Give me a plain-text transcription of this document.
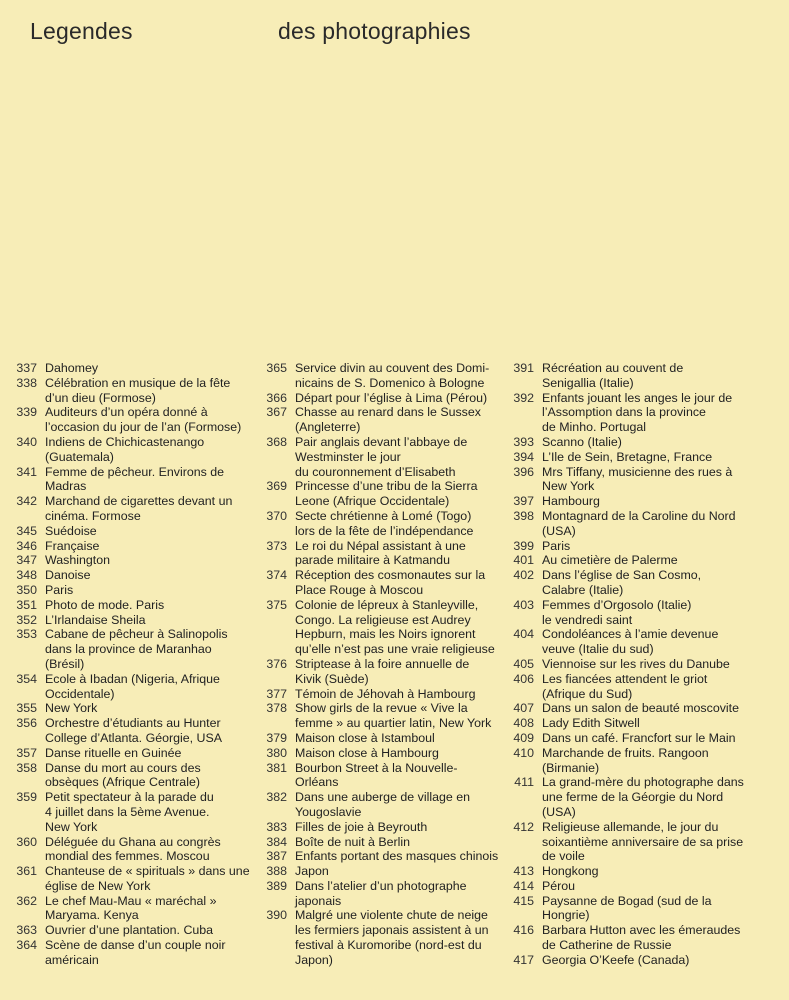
Legendes	des photographies
337 Dahomey
338 Célébration en musique de la fête
d’un dieu (Formose)
339 Auditeurs d’un opéra donné à
l’occasion du jour de l’an (Formose)
340 Indiens de Chichicastenango
(Guatemala)
341 Femme de pêcheur. Environs de
Madras
342 Marchand de cigarettes devant un
cinéma. Formose
345 Suédoise
346 Française
347 Washington
348 Danoise
350 Paris
351 Photo de mode. Paris
352 L’Irlandaise Sheila
353 Cabane de pêcheur à Salinopolis
dans la province de Maranhao
(Brésil)
354 Ecole à Ibadan (Nigeria, Afrique
Occidentale)
355 New York
356 Orchestre d’étudiants au Hunter
College d’Atlanta. Géorgie, USA
357 Danse rituelle en Guinée
358 Danse du mort au cours des
obsèques (Afrique Centrale)
359 Petit spectateur à la parade du
4 juillet dans la 5ème Avenue.
New York
360 Déléguée du Ghana au congrès
mondial des femmes. Moscou
361 Chanteuse de « spirituals » dans une
église de New York
362 Le chef Mau-Mau « maréchal »
Maryama. Kenya
363 Ouvrier d’une plantation. Cuba
364 Scène de danse d’un couple noir
américain
365 Service divin au couvent des Domi-
nicains de S. Domenico à Bologne
366 Départ pour l’église à Lima (Pérou)
367 Chasse au renard dans le Sussex
(Angleterre)
368 Pair anglais devant l’abbaye de
Westminster le jour
du couronnement d’Elisabeth
369 Princesse d’une tribu de la Sierra
Leone (Afrique Occidentale)
370 Secte chrétienne à Lomé (Togo)
lors de la fête de l’indépendance
373 Le roi du Népal assistant à une
parade militaire à Katmandu
374 Réception des cosmonautes sur la
Place Rouge à Moscou
375 Colonie de lépreux à Stanleyville,
Congo. La religieuse est Audrey
Hepburn, mais les Noirs ignorent
qu’elle n’est pas une vraie religieuse
376 Striptease à la foire annuelle de
Kivik (Suède)
377 Témoin de Jéhovah à Hambourg
378 Show girls de la revue « Vive la
femme » au quartier latin, New York
379 Maison close à Istamboul
380 Maison close à Hambourg
381 Bourbon Street à la Nouvelle-
Orléans
382 Dans une auberge de village en
Yougoslavie
383 Filles de joie à Beyrouth
384 Boîte de nuit à Berlin
387 Enfants portant des masques chinois
388 Japon
389 Dans l’atelier d’un photographe
japonais
390 Malgré une violente chute de neige
les fermiers japonais assistent à un
festival à Kuromoribe (nord-est du
Japon)
391 Récréation au couvent de
Senigallia (Italie)
392 Enfants jouant les anges le jour de
l’Assomption dans la province
de Minho. Portugal
393 Scanno (Italie)
394 L’Ile de Sein, Bretagne, France
396 Mrs Tiffany, musicienne des rues à
New York
397 Hambourg
398 Montagnard de la Caroline du Nord
(USA)
399 Paris
401 Au cimetière de Palerme
402 Dans l’église de San Cosmo,
Calabre (Italie)
403 Femmes d’Orgosolo (Italie)
le vendredi saint
404 Condoléances à l’amie devenue
veuve (Italie du sud)
405 Viennoise sur les rives du Danube
406 Les fiancées attendent le griot
(Afrique du Sud)
407 Dans un salon de beauté moscovite
408 Lady Edith Sitwell
409 Dans un café. Francfort sur le Main
410 Marchande de fruits. Rangoon
(Birmanie)
411 La grand-mère du photographe dans
une ferme de la Géorgie du Nord
(USA)
412 Religieuse allemande, le jour du
soixantième anniversaire de sa prise
de voile
413 Hongkong
414 Pérou
415 Paysanne de Bogad (sud de la
Hongrie)
416 Barbara Hutton avec les émeraudes
de Catherine de Russie
417 Georgia O’Keefe (Canada)
